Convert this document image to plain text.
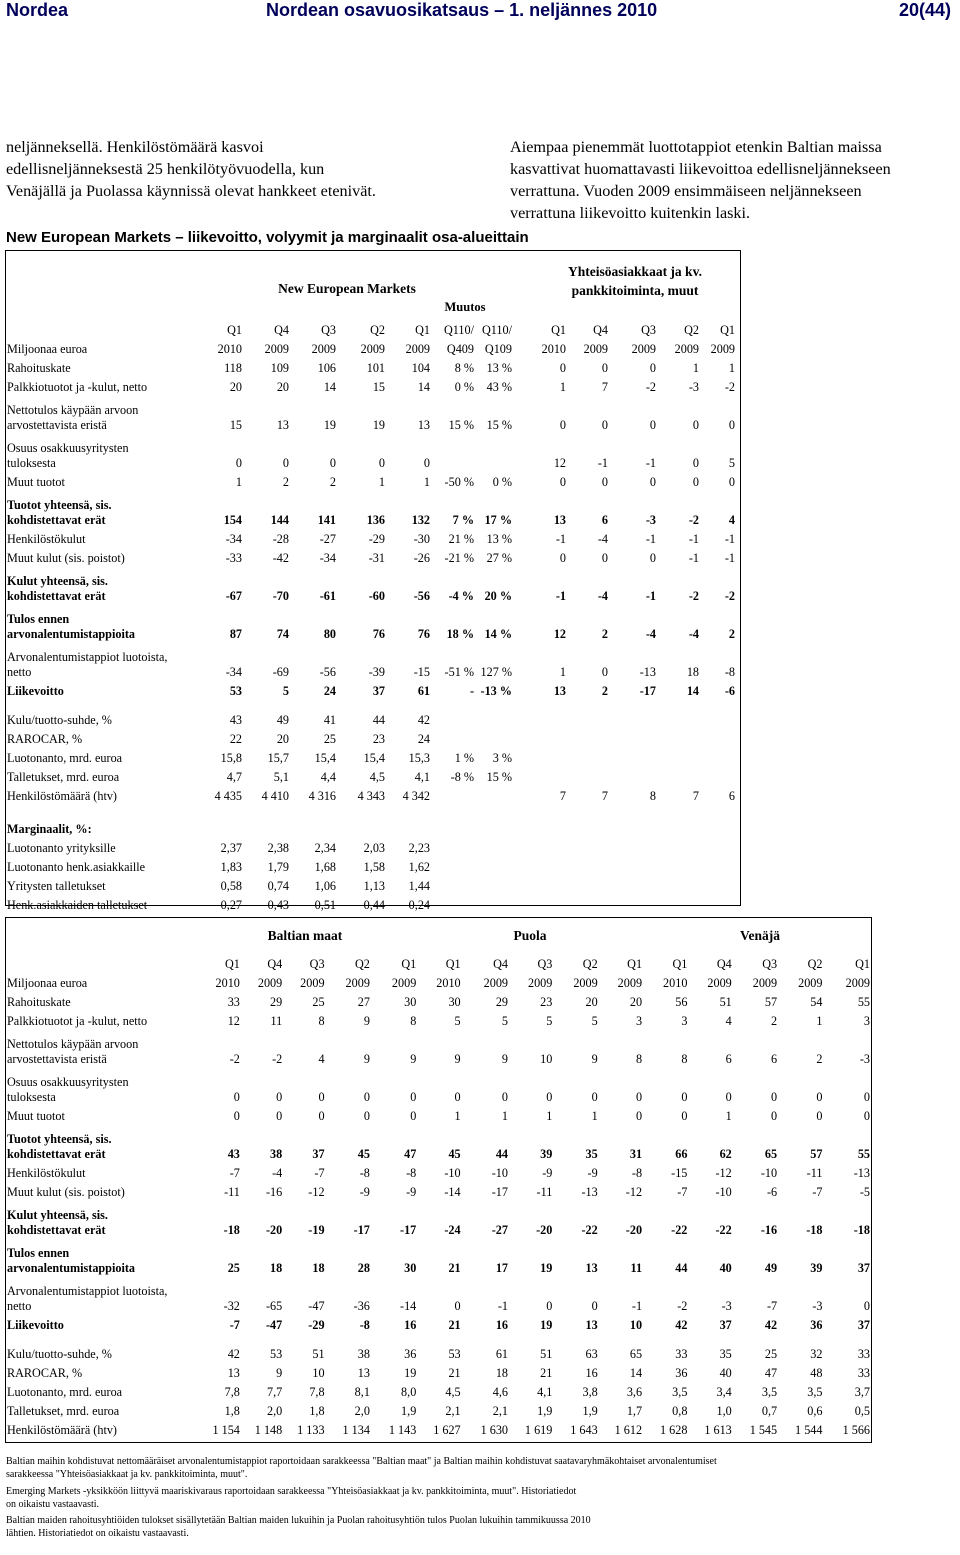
Nordea	Nordean osavuosikatsaus – 1. neljännes 2010	20(44)
neljänneksellä. Henkilöstömäärä kasvoi
edellisneljänneksestä 25 henkilötyövuodella, kun
Venäjällä ja Puolassa käynnissä olevat hankkeet etenivät.
Aiempaa pienemmät luottotappiot etenkin Baltian maissa
kasvattivat huomattavasti liikevoittoa edellisneljännekseen
verrattuna. Vuoden 2009 ensimmäiseen neljännekseen
verrattuna liikevoitto kuitenkin laski.
New European Markets – liikevoitto, volyymit ja marginaalit osa-alueittain
New European Markets
Yhteisöasiakkaat ja kv.
pankkitoiminta, muut
Muutos
	Q1	Q4	Q3	Q2	Q1	Q110/	Q110/	Q1	Q4	Q3	Q2	Q1
Miljoonaa euroa	2010	2009	2009	2009	2009	Q409	Q109	2010	2009	2009	2009	2009

Rahoituskate	118	109	106	101	104	8 %	13 %	0	0	0	1	1

Palkkiotuotot ja -kulut, netto	20	20	14	15	14	0 %	43 %	1	7	-2	-3	-2

Nettotulos käypään arvoon
arvostettavista eristä	15	13	19	19	13	15 %	15 %	0	0	0	0	0

Osuus osakkuusyritysten
tuloksesta	0	0	0	0	0			12	-1	-1	0	5

Muut tuotot	1	2	2	1	1	-50 %	0 %	0	0	0	0	0

Tuotot yhteensä, sis.
kohdistettavat erät	154	144	141	136	132	7 %	17 %	13	6	-3	-2	4

Henkilöstökulut	-34	-28	-27	-29	-30	21 %	13 %	-1	-4	-1	-1	-1

Muut kulut (sis. poistot)	-33	-42	-34	-31	-26	-21 %	27 %	0	0	0	-1	-1

Kulut yhteensä, sis.
kohdistettavat erät	-67	-70	-61	-60	-56	-4 %	20 %	-1	-4	-1	-2	-2

Tulos ennen
arvonalentumistappioita	87	74	80	76	76	18 %	14 %	12	2	-4	-4	2

Arvonalentumistappiot luotoista,
netto	-34	-69	-56	-39	-15	-51 %	127 %	1	0	-13	18	-8

Liikevoitto	53	5	24	37	61	-	-13 %	13	2	-17	14	-6

Kulu/tuotto-suhde, %	43	49	41	44	42							
RAROCAR, %	22	20	25	23	24							
Luotonanto, mrd. euroa	15,8	15,7	15,4	15,4	15,3	1 %	3 %					
Talletukset, mrd. euroa	4,7	5,1	4,4	4,5	4,1	-8 %	15 %					
Henkilöstömäärä (htv)	4 435	4 410	4 316	4 343	4 342			7	7	8	7	6

Marginaalit, %:												
Luotonanto yrityksille	2,37	2,38	2,34	2,03	2,23							
Luotonanto henk.asiakkaille	1,83	1,79	1,68	1,58	1,62							
Yritysten talletukset	0,58	0,74	1,06	1,13	1,44							
Henk.asiakkaiden talletukset	0,27	0,43	0,51	0,44	0,24							
Baltian maat	Puola	Venäjä
	Q1	Q4	Q3	Q2	Q1	Q1	Q4	Q3	Q2	Q1	Q1	Q4	Q3	Q2	Q1
Miljoonaa euroa	2010	2009	2009	2009	2009	2010	2009	2009	2009	2009	2010	2009	2009	2009	2009

Rahoituskate	33	29	25	27	30	30	29	23	20	20	56	51	57	54	55

Palkkiotuotot ja -kulut, netto	12	11	8	9	8	5	5	5	5	3	3	4	2	1	3

Nettotulos käypään arvoon
arvostettavista eristä	-2	-2	4	9	9	9	9	10	9	8	8	6	6	2	-3

Osuus osakkuusyritysten
tuloksesta	0	0	0	0	0	0	0	0	0	0	0	0	0	0	0

Muut tuotot	0	0	0	0	0	1	1	1	1	0	0	1	0	0	0

Tuotot yhteensä, sis.
kohdistettavat erät	43	38	37	45	47	45	44	39	35	31	66	62	65	57	55

Henkilöstökulut	-7	-4	-7	-8	-8	-10	-10	-9	-9	-8	-15	-12	-10	-11	-13

Muut kulut (sis. poistot)	-11	-16	-12	-9	-9	-14	-17	-11	-13	-12	-7	-10	-6	-7	-5

Kulut yhteensä, sis.
kohdistettavat erät	-18	-20	-19	-17	-17	-24	-27	-20	-22	-20	-22	-22	-16	-18	-18

Tulos ennen
arvonalentumistappioita	25	18	18	28	30	21	17	19	13	11	44	40	49	39	37

Arvonalentumistappiot luotoista,
netto	-32	-65	-47	-36	-14	0	-1	0	0	-1	-2	-3	-7	-3	0

Liikevoitto	-7	-47	-29	-8	16	21	16	19	13	10	42	37	42	36	37

Kulu/tuotto-suhde, %	42	53	51	38	36	53	61	51	63	65	33	35	25	32	33
RAROCAR, %	13	9	10	13	19	21	18	21	16	14	36	40	47	48	33
Luotonanto, mrd. euroa	7,8	7,7	7,8	8,1	8,0	4,5	4,6	4,1	3,8	3,6	3,5	3,4	3,5	3,5	3,7
Talletukset, mrd. euroa	1,8	2,0	1,8	2,0	1,9	2,1	2,1	1,9	1,9	1,7	0,8	1,0	0,7	0,6	0,5
Henkilöstömäärä (htv)	1 154	1 148	1 133	1 134	1 143	1 627	1 630	1 619	1 643	1 612	1 628	1 613	1 545	1 544	1 566
Baltian maihin kohdistuvat nettomääräiset arvonalentumistappiot raportoidaan sarakkeessa "Baltian maat" ja Baltian maihin kohdistuvat saatavaryhmäkohtaiset arvonalentumiset
sarakkeessa "Yhteisöasiakkaat ja kv. pankkitoiminta, muut".
Emerging Markets -yksikköön liittyvä maariskivaraus raportoidaan sarakkeessa "Yhteisöasiakkaat ja kv. pankkitoiminta, muut". Historiatiedot
on oikaistu vastaavasti.
Baltian maiden rahoitusyhtiöiden tulokset sisällytetään Baltian maiden lukuihin ja Puolan rahoitusyhtiön tulos Puolan lukuihin tammikuussa 2010
lähtien. Historiatiedot on oikaistu vastaavasti.
